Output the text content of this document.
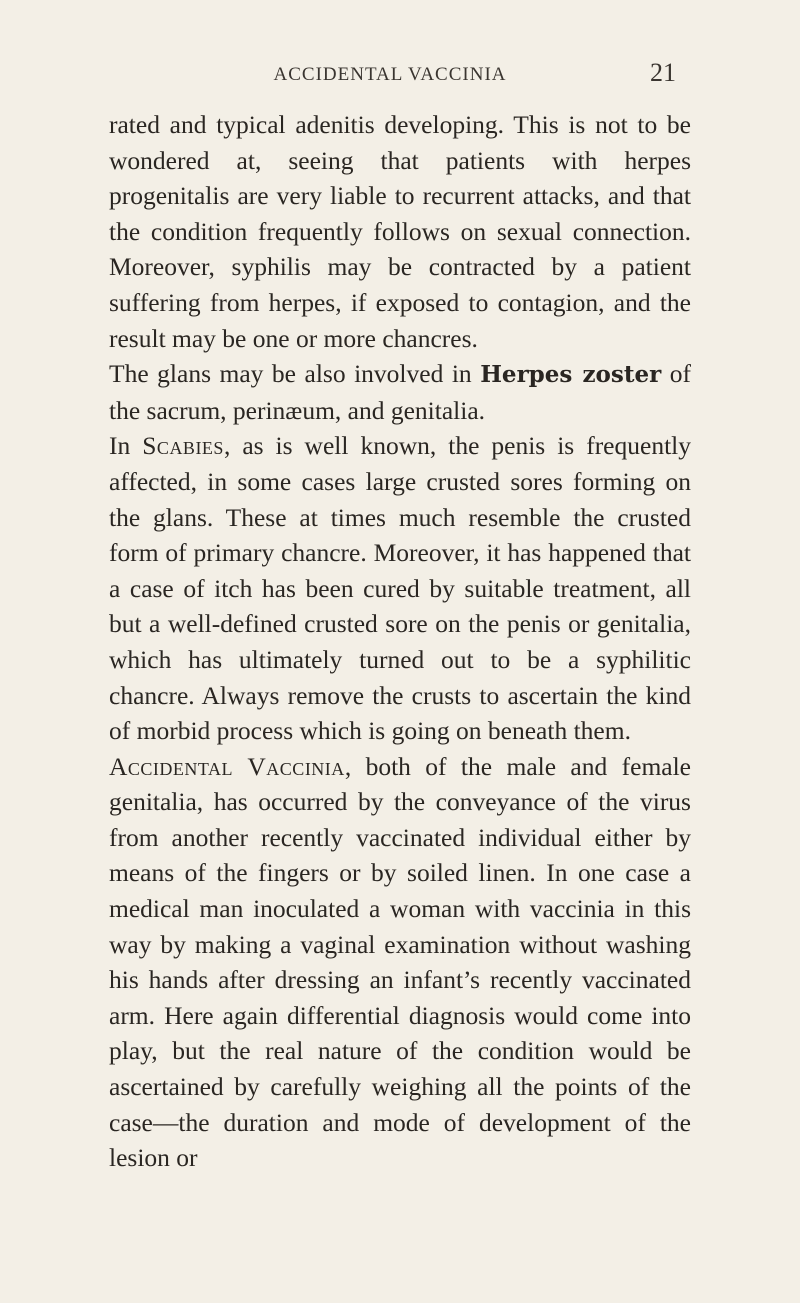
ACCIDENTAL VACCINIA	21

rated and typical adenitis developing. This is not to be wondered at, seeing that patients with herpes progenitalis are very liable to recurrent attacks, and that the condition frequently follows on sexual connection. Moreover, syphilis may be contracted by a patient suffering from herpes, if exposed to contagion, and the result may be one or more chancres.

The glans may be also involved in Herpes zoster of the sacrum, perinæum, and genitalia.

In Scabies, as is well known, the penis is frequently affected, in some cases large crusted sores forming on the glans. These at times much resemble the crusted form of primary chancre. Moreover, it has happened that a case of itch has been cured by suitable treatment, all but a well-defined crusted sore on the penis or genitalia, which has ultimately turned out to be a syphilitic chancre. Always remove the crusts to ascertain the kind of morbid process which is going on beneath them.

Accidental Vaccinia, both of the male and female genitalia, has occurred by the conveyance of the virus from another recently vaccinated individual either by means of the fingers or by soiled linen. In one case a medical man inoculated a woman with vaccinia in this way by making a vaginal examination without washing his hands after dressing an infant’s recently vaccinated arm. Here again differential diagnosis would come into play, but the real nature of the condition would be ascertained by carefully weighing all the points of the case—the duration and mode of development of the lesion or
